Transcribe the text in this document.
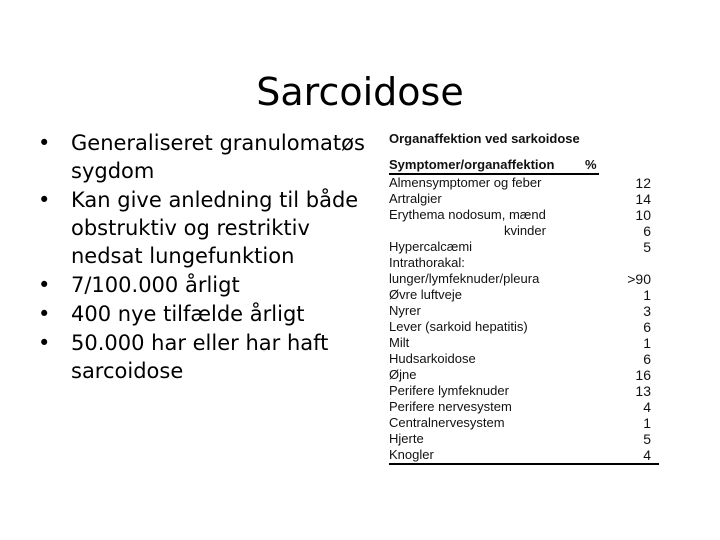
Sarcoidose
• Generaliseret granulomatøs sygdom
• Kan give anledning til både obstruktiv og restriktiv nedsat lungefunktion
• 7/100.000 årligt
• 400 nye tilfælde årligt
• 50.000 har eller har haft sarcoidose
Organaffektion ved sarkoidose
Symptomer/organaffektion %
Almensymptomer og feber	12
Artralgier	14
Erythema nodosum, mænd	10
kvinder	6
Hypercalcæmi	5
Intrathorakal:
lunger/lymfeknuder/pleura	>90
Øvre luftveje	1
Nyrer	3
Lever (sarkoid hepatitis)	6
Milt	1
Hudsarkoidose	6
Øjne	16
Perifere lymfeknuder	13
Perifere nervesystem	4
Centralnervesystem	1
Hjerte	5
Knogler	4
